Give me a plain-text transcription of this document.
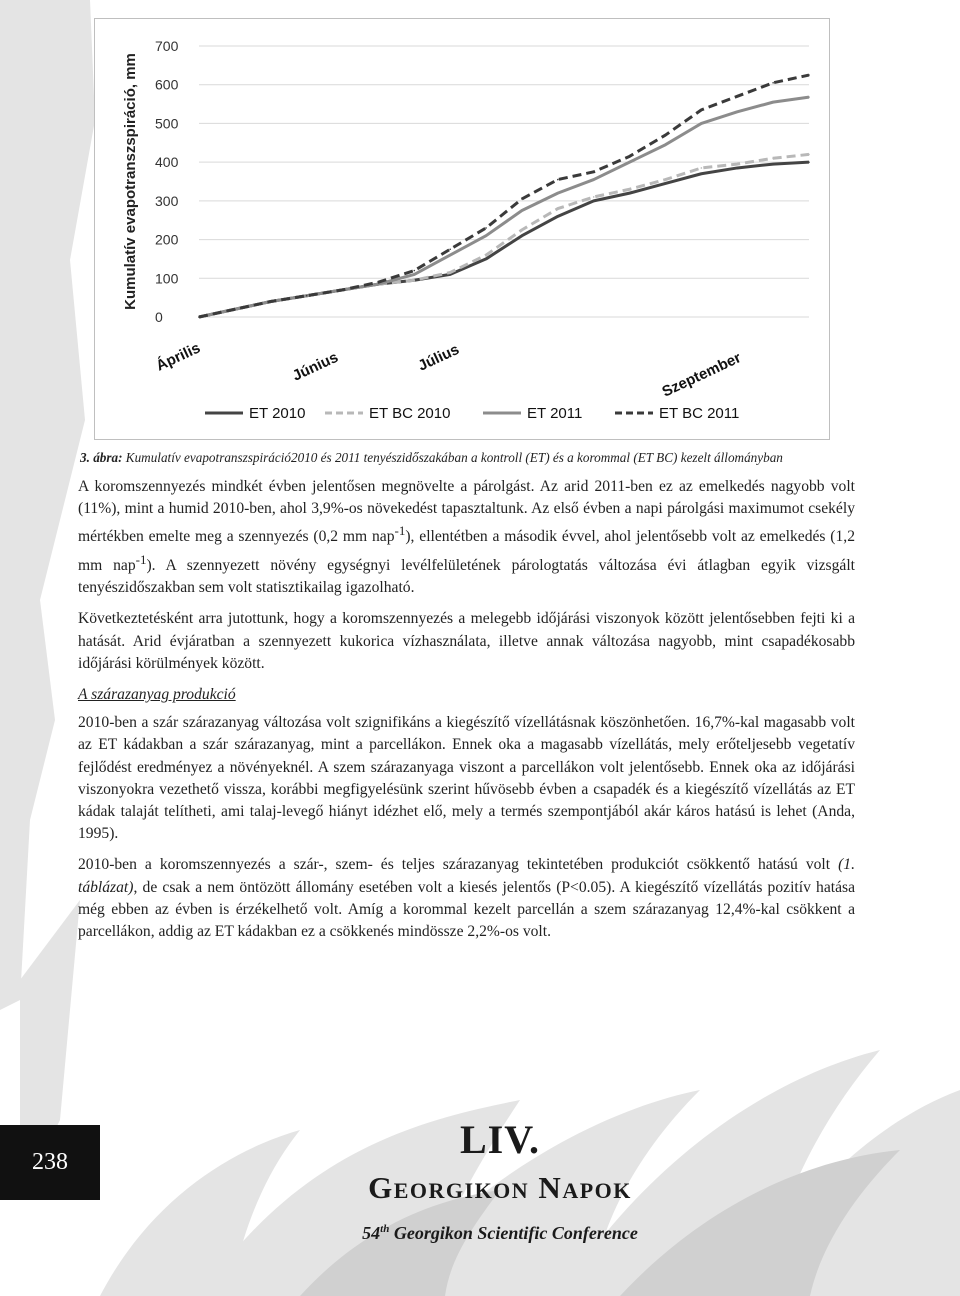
0
100
200
300
400
500
600
700
Kumulatív evapotranszspiráció, mm
Április	Június	Július	Szeptember
ET 2010	ET BC 2010	ET 2011	ET BC 2011
3. ábra: Kumulatív evapotranszspiráció2010 és 2011 tenyészidőszakában a kontroll (ET) és a korommal (ET BC) kezelt állományban

A koromszennyezés mindkét évben jelentősen megnövelte a párolgást. Az arid 2011-ben ez az emelkedés nagyobb volt (11%), mint a humid 2010-ben, ahol 3,9%-os növekedést tapasztaltunk. Az első évben a napi párolgási maximumot csekély mértékben emelte meg a szennyezés (0,2 mm nap$^{-1}$), ellentétben a második évvel, ahol jelentősebb volt az emelkedés (1,2 mm nap$^{-1}$). A szennyezett növény egységnyi levélfelületének párologtatás változása évi átlagban egyik vizsgált tenyészidőszakban sem volt statisztikailag igazolható.

Következtetésként arra jutottunk, hogy a koromszennyezés a melegebb időjárási viszonyok között jelentősebben fejti ki a hatását. Arid évjáratban a szennyezett kukorica vízhasználata, illetve annak változása nagyobb, mint csapadékosabb időjárási körülmények között.

A szárazanyag produkció

2010-ben a szár szárazanyag változása volt szignifikáns a kiegészítő vízellátásnak köszönhetően. 16,7%-kal magasabb volt az ET kádakban a szár szárazanyag, mint a parcellákon. Ennek oka a magasabb vízellátás, mely erőteljesebb vegetatív fejlődést eredményez a növényeknél. A szem szárazanyaga viszont a parcellákon volt jelentősebb. Ennek oka az időjárási viszonyokra vezethető vissza, korábbi megfigyelésünk szerint hűvösebb évben a csapadék és a kiegészítő vízellátás az ET kádak talaját telítheti, ami talaj-levegő hiányt idézhet elő, mely a termés szempontjából akár káros hatású is lehet (Anda, 1995).

2010-ben a koromszennyezés a szár-, szem- és teljes szárazanyag tekintetében produkciót csökkentő hatású volt (1. táblázat), de csak a nem öntözött állomány esetében volt a kiesés jelentős (P<0.05). A kiegészítő vízellátás pozitív hatása még ebben az évben is érzékelhető volt. Amíg a korommal kezelt parcellán a szem szárazanyag 12,4%-kal csökkent a parcellákon, addig az ET kádakban ez a csökkenés mindössze 2,2%-os volt.

238	LIV.
Georgikon Napok
54th Georgikon Scientific Conference
